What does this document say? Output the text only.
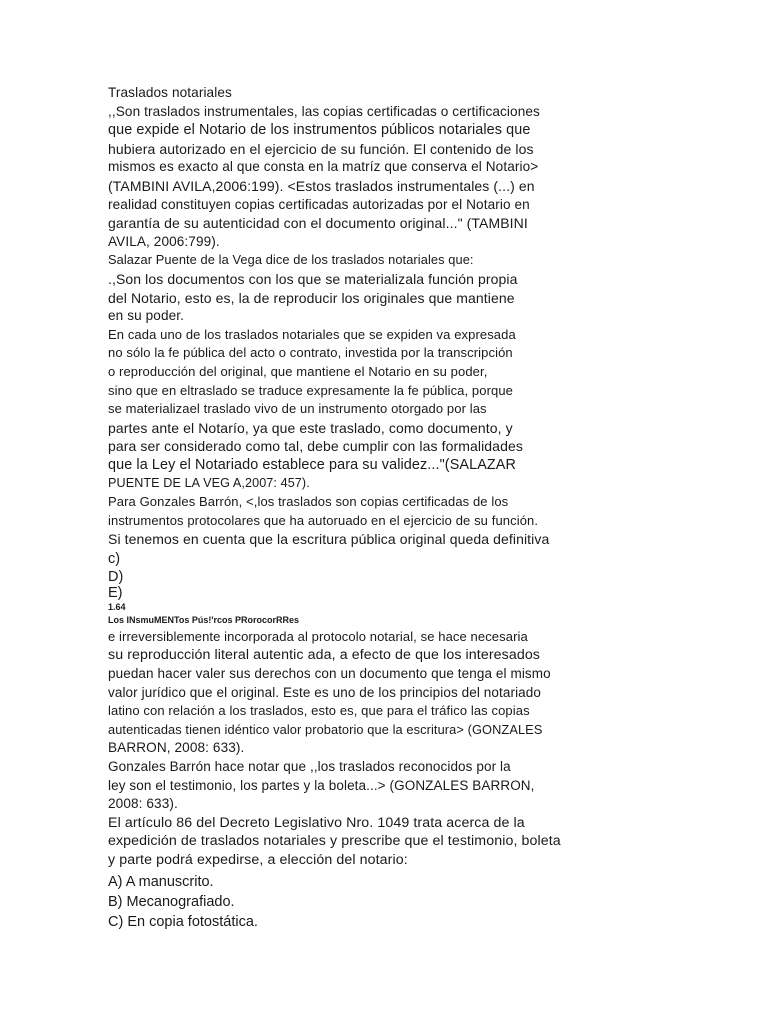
Traslados notariales
,,Son traslados instrumentales, las copias certificadas o certificaciones
que expide el Notario de los instrumentos públicos notariales que
hubiera autorizado en el ejercicio de su función. El contenido de los
mismos es exacto al que consta en la matríz que conserva el Notario>
(TAMBINI AVILA,2006:199). <Estos traslados instrumentales (...) en
realidad constituyen copias certificadas autorizadas por el Notario en
garantía de su autenticidad con el documento original..." (TAMBINI
AVILA, 2006:799).
Salazar Puente de la Vega dice de los traslados notariales que:
.,Son los documentos con los que se materializala función propia
del Notario, esto es, la de reproducir los originales que mantiene
en su poder.
En cada uno de los traslados notariales que se expiden va expresada
no sólo la fe pública del acto o contrato, investida por la transcripción
o reproducción del original, que mantiene el Notario en su poder,
sino que en eltraslado se traduce expresamente la fe pública, porque
se materializael traslado vivo de un instrumento otorgado por las
partes ante el Notarío, ya que este traslado, como documento, y
para ser considerado como tal, debe cumplir con las formalidades
que la Ley el Notariado establece para su validez..."(SALAZAR
PUENTE DE LA VEG A,2007: 457).
Para Gonzales Barrón, <,los traslados son copias certificadas de los
instrumentos protocolares que ha autoruado en el ejercicio de su función.
Si tenemos en cuenta que la escritura pública original queda definitiva
c)
D)
E)
1.64
Los INsmuMENTos Pús!'rcos PRorocorRRes
e irreversiblemente incorporada al protocolo notarial, se hace necesaria
su reproducción literal autentic ada, a efecto de que los interesados
puedan hacer valer sus derechos con un documento que tenga el mismo
valor jurídico que el original. Este es uno de los principios del notariado
latino con relación a los traslados, esto es, que para el tráfico las copias
autenticadas tienen idéntico valor probatorio que la escritura> (GONZALES
BARRON, 2008: 633).
Gonzales Barrón hace notar que ,,los traslados reconocidos por la
ley son el testimonio, los partes y la boleta...> (GONZALES BARRON,
2008: 633).
El artículo 86 del Decreto Legislativo Nro. 1049 trata acerca de la
expedición de traslados notariales y prescribe que el testimonio, boleta
y parte podrá expedirse, a elección del notario:
A) A manuscrito.
B) Mecanografiado.
C) En copia fotostática.
